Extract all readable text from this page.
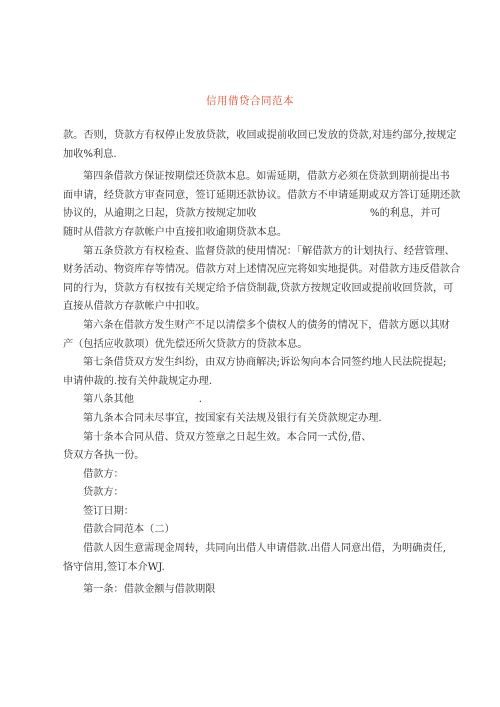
信用借贷合同范本

款。否则，贷款方有权停止发放贷款，收回或提前收回已发放的贷款,对违约部分,按规定
加收%利息.

第四条借款方保证按期偿还贷款本息。如需延期，借款方必须在贷款到期前提出书
面申请，经贷款方审查同意，签订延期还款协议。借款方不申请延期或双方答订延期还款
协议的，从逾期之日起，贷款方按规定加收                                   %的利息，并可
随时从借款方存款帐户中直接扣收逾期贷款本息。

第五条贷款方有权检查、监督贷款的使用情况：「解借款方的计划执行、经营管理、
财务活动、物资库存等情况。借款方对上述情况应完将如实地提供。对借款方违反借款合
同的行为，贷款方有权按有关规定给予信贷制裁,贷款方按规定收回或提前收回贷款，可
直接从借款方存款帐户中扣收。

第六条在借款方发生财产不足以清偿多个债权人的债务的情况下，借款方愿以其财
产（包括应收款项）优先偿还所欠贷款方的贷款本息。

第七条借贷双方发生纠纷，由双方协商解决;诉讼匆向本合同签约地人民法院提起;
申请仲裁的.按有关仲裁规定办理.

第八条其他                    .

第九条本合同未尽事宜，按国家有关法规及银行有关贷款规定办理.

第十条本合同从借、贷双方签章之日起生效。本合同一式份,借、
贷双方各执一份。

借款方：

贷款方：

签订日期：

借款合同范本（二）

借款人因生意需现金周转，共同向出借人申请借款.出借人同意出借，为明确责任,
恪守信用,签订本介WJ.

第一条：借款金额与借款期限
